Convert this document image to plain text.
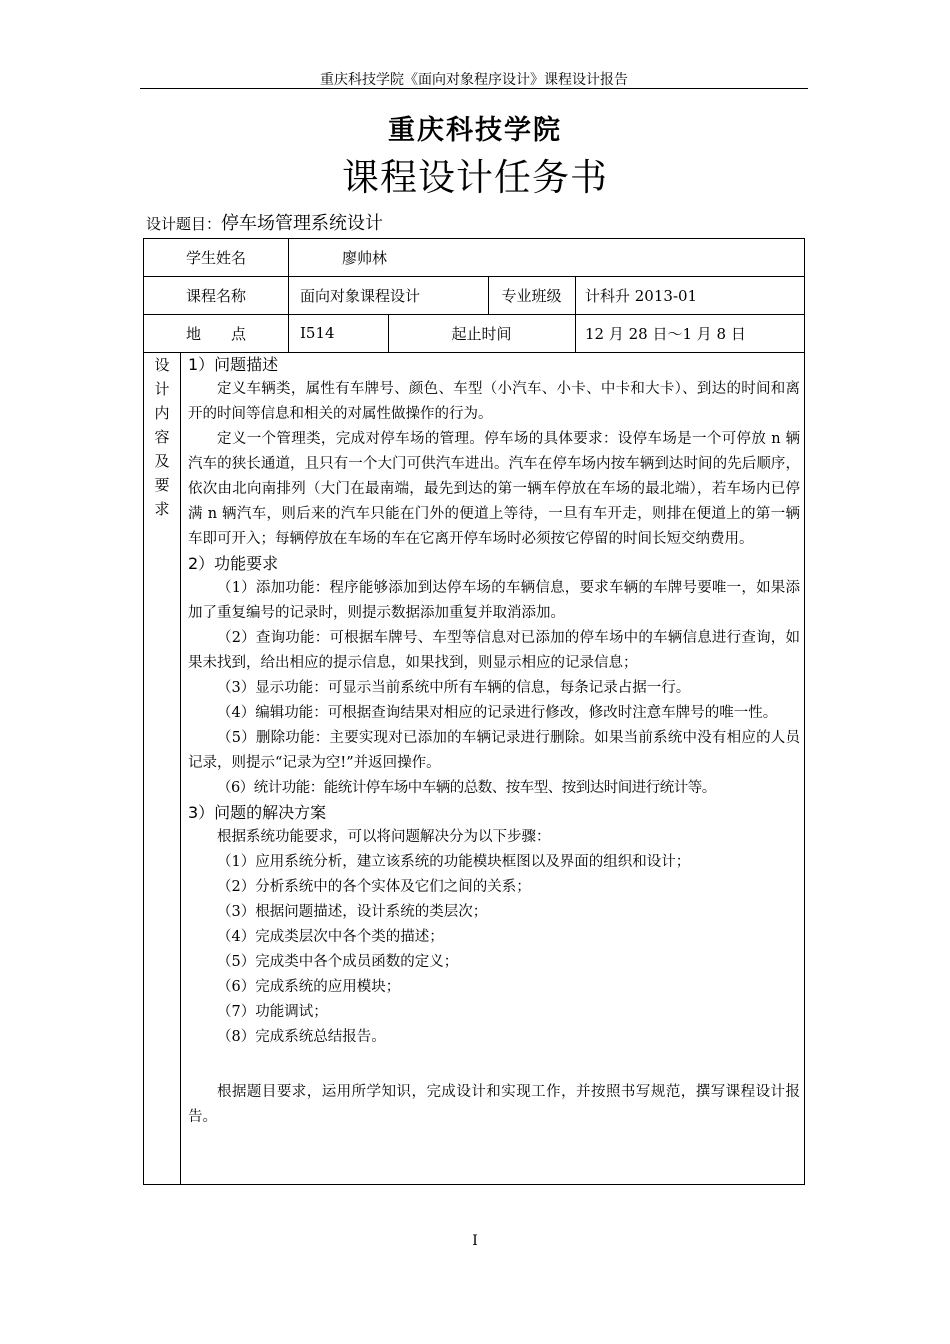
重庆科技学院《面向对象程序设计》课程设计报告
重庆科技学院
课程设计任务书
设计题目：停车场管理系统设计
学生姓名	廖帅林
课程名称	面向对象课程设计	专业班级	计科升 2013-01
地　　点	I514	起止时间	12 月 28 日～1 月 8 日
设
计
内
容
及
要
求
1）问题描述

定义车辆类，属性有车牌号、颜色、车型（小汽车、小卡、中卡和大卡）、到达的时间和离开的时间等信息和相关的对属性做操作的行为。

定义一个管理类，完成对停车场的管理。停车场的具体要求：设停车场是一个可停放 n 辆汽车的狭长通道，且只有一个大门可供汽车进出。汽车在停车场内按车辆到达时间的先后顺序，依次由北向南排列（大门在最南端，最先到达的第一辆车停放在车场的最北端），若车场内已停满 n 辆汽车，则后来的汽车只能在门外的便道上等待，一旦有车开走，则排在便道上的第一辆车即可开入；每辆停放在车场的车在它离开停车场时必须按它停留的时间长短交纳费用。

2）功能要求

（1）添加功能：程序能够添加到达停车场的车辆信息，要求车辆的车牌号要唯一，如果添加了重复编号的记录时，则提示数据添加重复并取消添加。

（2）查询功能：可根据车牌号、车型等信息对已添加的停车场中的车辆信息进行查询，如果未找到，给出相应的提示信息，如果找到，则显示相应的记录信息；

（3）显示功能：可显示当前系统中所有车辆的信息，每条记录占据一行。

（4）编辑功能：可根据查询结果对相应的记录进行修改，修改时注意车牌号的唯一性。

（5）删除功能：主要实现对已添加的车辆记录进行删除。如果当前系统中没有相应的人员记录，则提示“记录为空!”并返回操作。

（6）统计功能：能统计停车场中车辆的总数、按车型、按到达时间进行统计等。

3）问题的解决方案

根据系统功能要求，可以将问题解决分为以下步骤：

（1）应用系统分析，建立该系统的功能模块框图以及界面的组织和设计；

（2）分析系统中的各个实体及它们之间的关系；

（3）根据问题描述，设计系统的类层次；

（4）完成类层次中各个类的描述；

（5）完成类中各个成员函数的定义；

（6）完成系统的应用模块；

（7）功能调试；

（8）完成系统总结报告。

根据题目要求，运用所学知识，完成设计和实现工作，并按照书写规范，撰写课程设计报告。

I
